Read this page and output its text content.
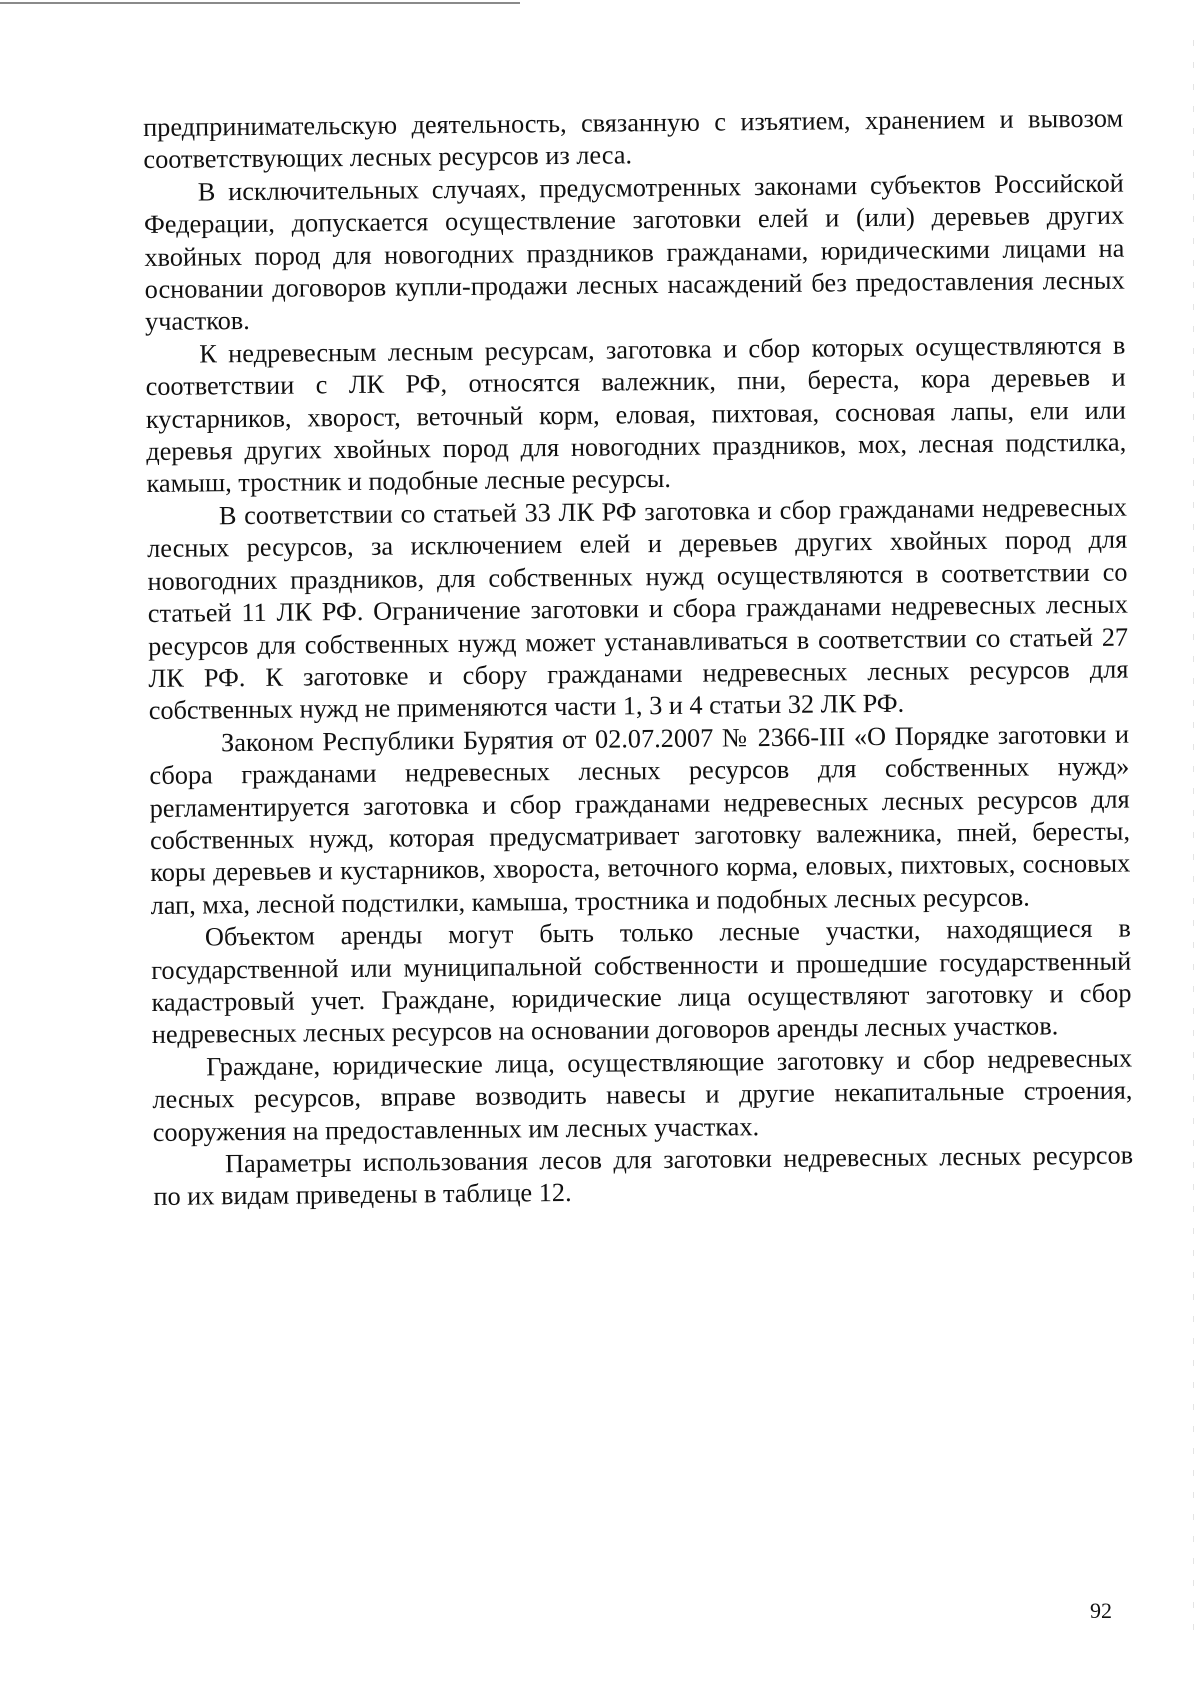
предпринимательскую деятельность, связанную с изъятием, хранением и вывозом соответствующих лесных ресурсов из леса.

В исключительных случаях, предусмотренных законами субъектов Российской Федерации, допускается осуществление заготовки елей и (или) деревьев других хвойных пород для новогодних праздников гражданами, юридическими лицами на основании договоров купли-продажи лесных насаждений без предоставления лесных участков.

К недревесным лесным ресурсам, заготовка и сбор которых осуществляются в соответствии с ЛК РФ, относятся валежник, пни, береста, кора деревьев и кустарников, хворост, веточный корм, еловая, пихтовая, сосновая лапы, ели или деревья других хвойных пород для новогодних праздников, мох, лесная подстилка, камыш, тростник и подобные лесные ресурсы.

В соответствии со статьей 33 ЛК РФ заготовка и сбор гражданами недревесных лесных ресурсов, за исключением елей и деревьев других хвойных пород для новогодних праздников, для собственных нужд осуществляются в соответствии со статьей 11 ЛК РФ. Ограничение заготовки и сбора гражданами недревесных лесных ресурсов для собственных нужд может устанавливаться в соответствии со статьей 27 ЛК РФ. К заготовке и сбору гражданами недревесных лесных ресурсов для собственных нужд не применяются части 1, 3 и 4 статьи 32 ЛК РФ.

Законом Республики Бурятия от 02.07.2007 № 2366-III «О Порядке заготовки и сбора гражданами недревесных лесных ресурсов для собственных нужд» регламентируется заготовка и сбор гражданами недревесных лесных ресурсов для собственных нужд, которая предусматривает заготовку валежника, пней, бересты, коры деревьев и кустарников, хвороста, веточного корма, еловых, пихтовых, сосновых лап, мха, лесной подстилки, камыша, тростника и подобных лесных ресурсов.

Объектом аренды могут быть только лесные участки, находящиеся в государственной или муниципальной собственности и прошедшие государственный кадастровый учет. Граждане, юридические лица осуществляют заготовку и сбор недревесных лесных ресурсов на основании договоров аренды лесных участков.

Граждане, юридические лица, осуществляющие заготовку и сбор недревесных лесных ресурсов, вправе возводить навесы и другие некапитальные строения, сооружения на предоставленных им лесных участках.

Параметры использования лесов для заготовки недревесных лесных ресурсов по их видам приведены в таблице 12.

92
